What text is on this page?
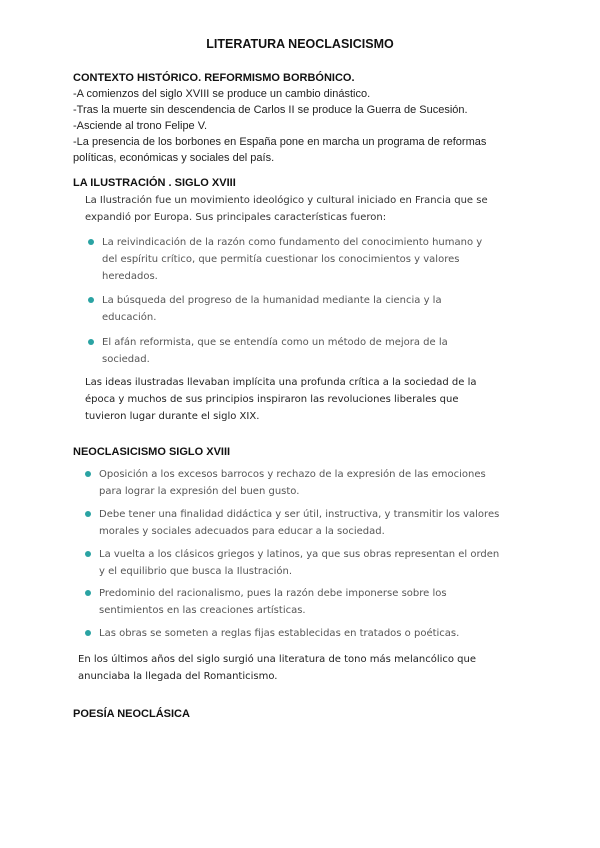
LITERATURA NEOCLASICISMO
CONTEXTO HISTÓRICO. REFORMISMO BORBÓNICO.
-A comienzos del siglo XVIII se produce un cambio dinástico.
-Tras la muerte sin descendencia de Carlos II se produce la Guerra de Sucesión.
-Asciende al trono Felipe V.
-La presencia de los borbones en España pone en marcha un programa de reformas
políticas, económicas y sociales del país.
LA ILUSTRACIÓN . SIGLO XVIII
La Ilustración fue un movimiento ideológico y cultural iniciado en Francia que se expandió por Europa. Sus principales características fueron:
La reivindicación de la razón como fundamento del conocimiento humano y del espíritu crítico, que permitía cuestionar los conocimientos y valores heredados.
La búsqueda del progreso de la humanidad mediante la ciencia y la educación.
El afán reformista, que se entendía como un método de mejora de la sociedad.
Las ideas ilustradas llevaban implícita una profunda crítica a la sociedad de la época y muchos de sus principios inspiraron las revoluciones liberales que tuvieron lugar durante el siglo XIX.
NEOCLASICISMO SIGLO XVIII
Oposición a los excesos barrocos y rechazo de la expresión de las emociones para lograr la expresión del buen gusto.
Debe tener una finalidad didáctica y ser útil, instructiva, y transmitir los valores morales y sociales adecuados para educar a la sociedad.
La vuelta a los clásicos griegos y latinos, ya que sus obras representan el orden y el equilibrio que busca la Ilustración.
Predominio del racionalismo, pues la razón debe imponerse sobre los sentimientos en las creaciones artísticas.
Las obras se someten a reglas fijas establecidas en tratados o poéticas.
En los últimos años del siglo surgió una literatura de tono más melancólico que anunciaba la llegada del Romanticismo.
POESÍA NEOCLÁSICA
